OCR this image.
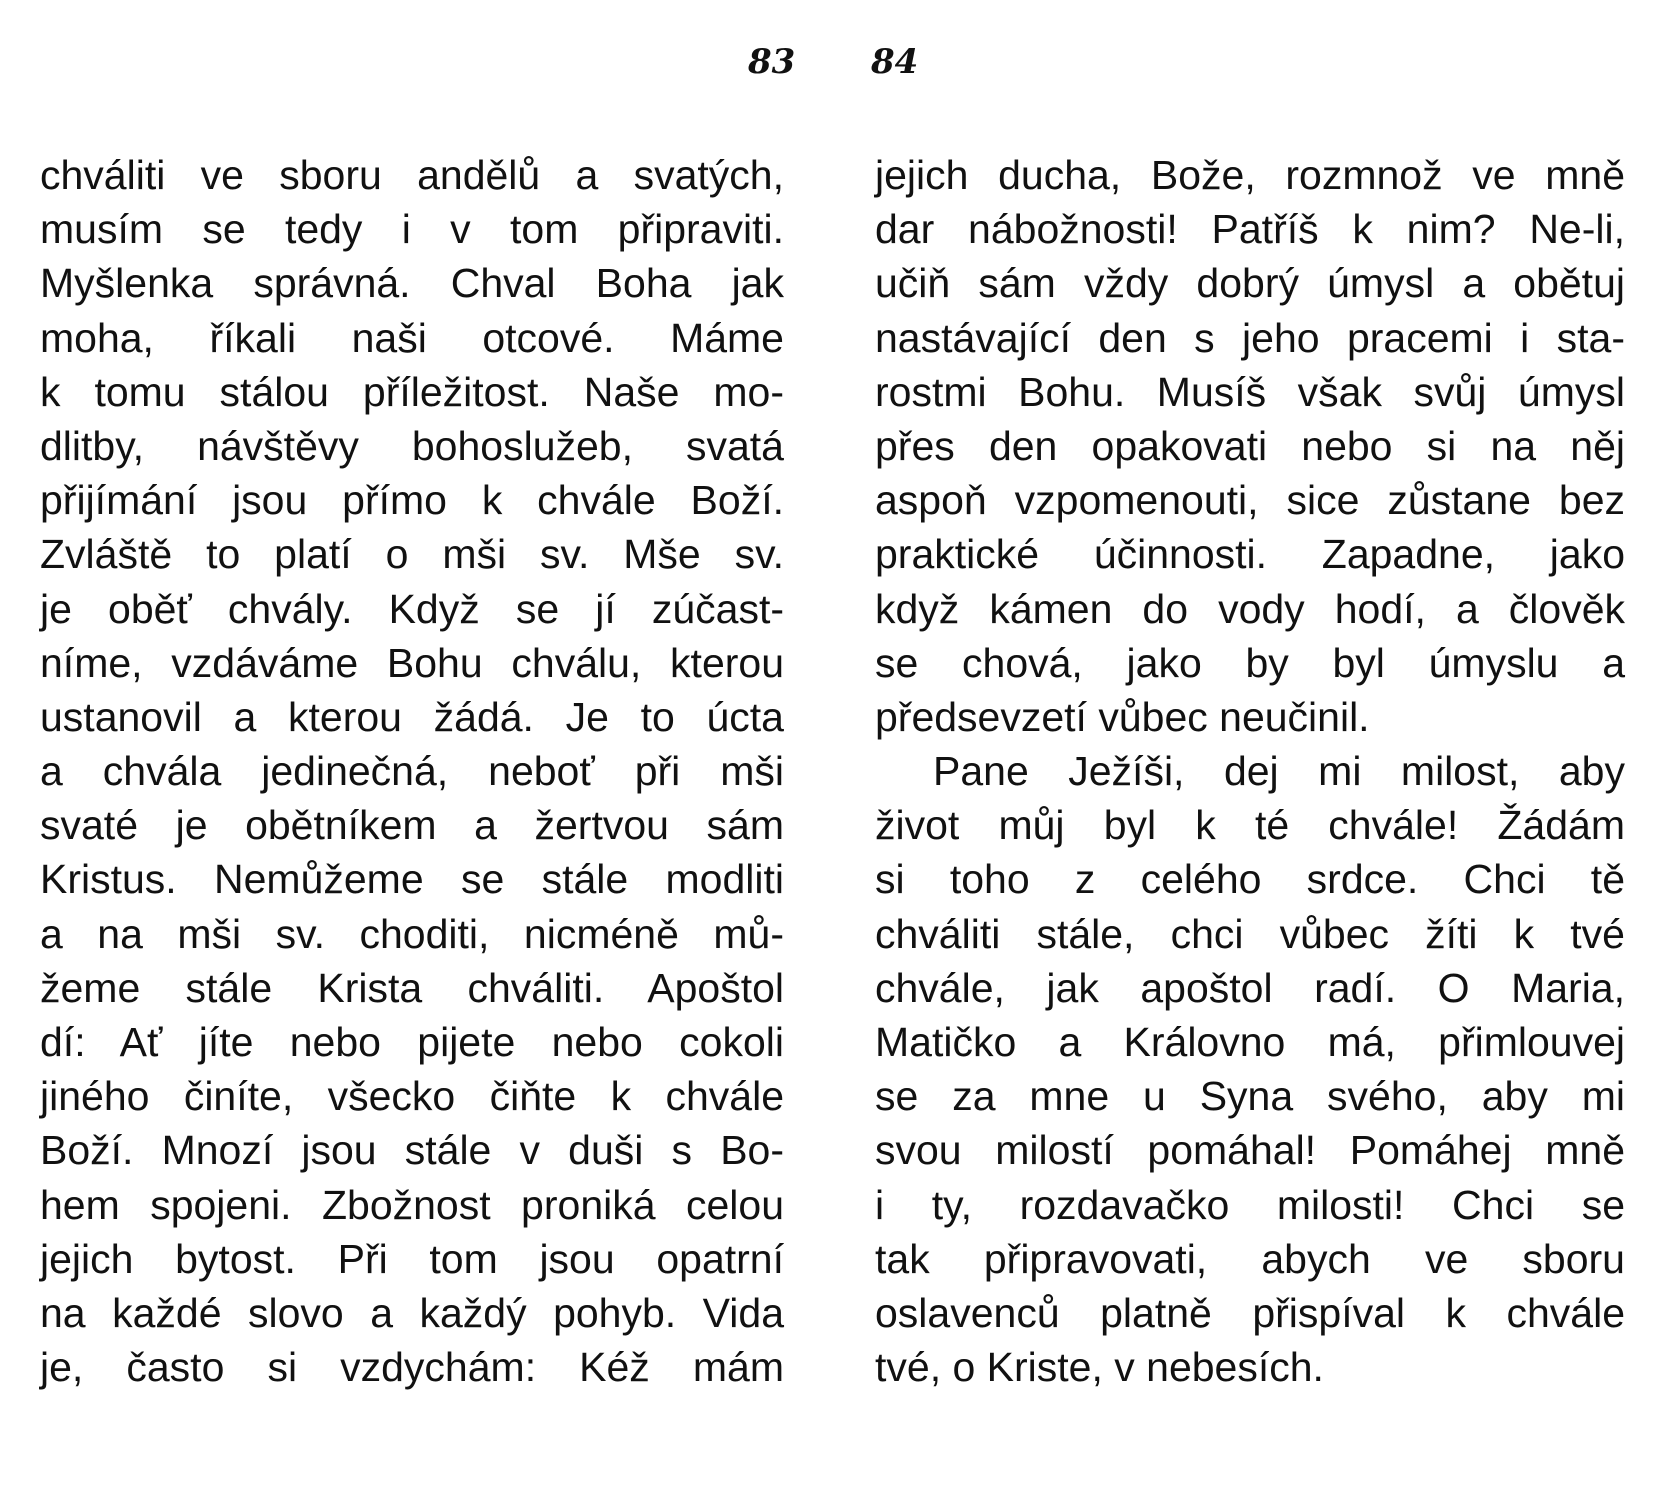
83 84
chváliti ve sboru andělů a svatých,
musím se tedy i v tom připraviti.
Myšlenka správná. Chval Boha jak
moha, říkali naši otcové. Máme
k tomu stálou příležitost. Naše mo-
dlitby, návštěvy bohoslužeb, svatá
přijímání jsou přímo k chvále Boží.
Zvláště to platí o mši sv. Mše sv.
je oběť chvály. Když se jí zúčast-
níme, vzdáváme Bohu chválu, kterou
ustanovil a kterou žádá. Je to úcta
a chvála jedinečná, neboť při mši
svaté je obětníkem a žertvou sám
Kristus. Nemůžeme se stále modliti
a na mši sv. choditi, nicméně mů-
žeme stále Krista chváliti. Apoštol
dí: Ať jíte nebo pijete nebo cokoli
jiného činíte, všecko čiňte k chvále
Boží. Mnozí jsou stále v duši s Bo-
hem spojeni. Zbožnost proniká celou
jejich bytost. Při tom jsou opatrní
na každé slovo a každý pohyb. Vida
je, často si vzdychám: Kéž mám
jejich ducha, Bože, rozmnož ve mně
dar nábožnosti! Patříš k nim? Ne-li,
učiň sám vždy dobrý úmysl a obětuj
nastávající den s jeho pracemi i sta-
rostmi Bohu. Musíš však svůj úmysl
přes den opakovati nebo si na něj
aspoň vzpomenouti, sice zůstane bez
praktické účinnosti. Zapadne, jako
když kámen do vody hodí, a člověk
se chová, jako by byl úmyslu a
předsevzetí vůbec neučinil.
Pane Ježíši, dej mi milost, aby
život můj byl k té chvále! Žádám
si toho z celého srdce. Chci tě
chváliti stále, chci vůbec žíti k tvé
chvále, jak apoštol radí. O Maria,
Matičko a Královno má, přimlouvej
se za mne u Syna svého, aby mi
svou milostí pomáhal! Pomáhej mně
i ty, rozdavačko milosti! Chci se
tak připravovati, abych ve sboru
oslavenců platně přispíval k chvále
tvé, o Kriste, v nebesích.
